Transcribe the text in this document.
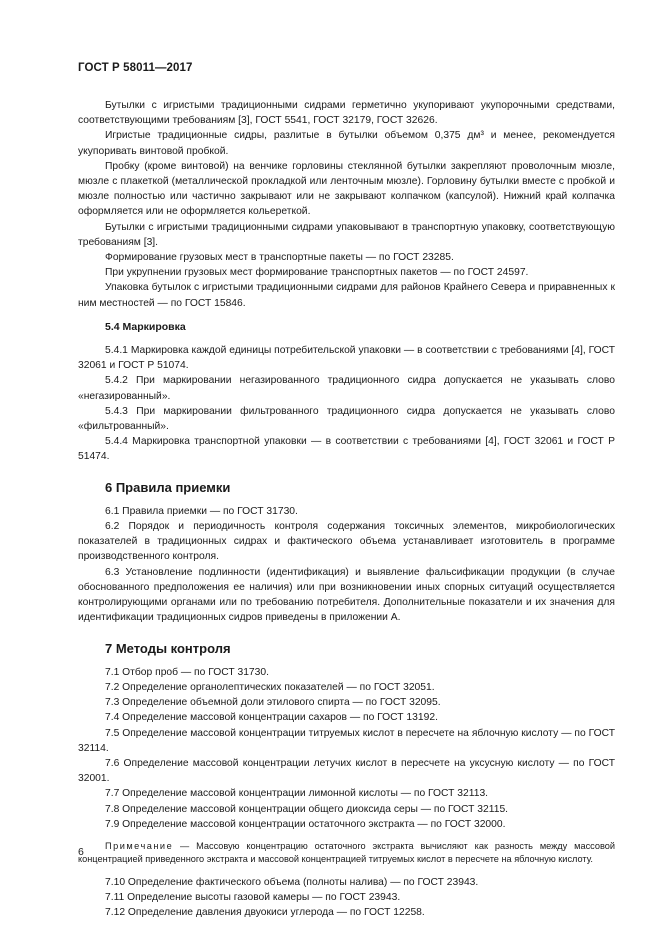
ГОСТ Р 58011—2017

Бутылки с игристыми традиционными сидрами герметично укупоривают укупорочными средствами, соответствующими требованиям [3], ГОСТ 5541, ГОСТ 32179, ГОСТ 32626.

Игристые традиционные сидры, разлитые в бутылки объемом 0,375 дм³ и менее, рекомендуется укупоривать винтовой пробкой.

Пробку (кроме винтовой) на венчике горловины стеклянной бутылки закрепляют проволочным мюзле, мюзле с плакеткой (металлической прокладкой или ленточным мюзле). Горловину бутылки вместе с пробкой и мюзле полностью или частично закрывают или не закрывают колпачком (капсулой). Нижний край колпачка оформляется или не оформляется кольереткой.

Бутылки с игристыми традиционными сидрами упаковывают в транспортную упаковку, соответствующую требованиям [3].

Формирование грузовых мест в транспортные пакеты — по ГОСТ 23285.

При укрупнении грузовых мест формирование транспортных пакетов — по ГОСТ 24597.

Упаковка бутылок с игристыми традиционными сидрами для районов Крайнего Севера и приравненных к ним местностей — по ГОСТ 15846.

5.4 Маркировка

5.4.1 Маркировка каждой единицы потребительской упаковки — в соответствии с требованиями [4], ГОСТ 32061 и ГОСТ Р 51074.

5.4.2 При маркировании негазированного традиционного сидра допускается не указывать слово «негазированный».

5.4.3 При маркировании фильтрованного традиционного сидра допускается не указывать слово «фильтрованный».

5.4.4 Маркировка транспортной упаковки — в соответствии с требованиями [4], ГОСТ 32061 и ГОСТ Р 51474.

6 Правила приемки

6.1 Правила приемки — по ГОСТ 31730.

6.2 Порядок и периодичность контроля содержания токсичных элементов, микробиологических показателей в традиционных сидрах и фактического объема устанавливает изготовитель в программе производственного контроля.

6.3 Установление подлинности (идентификация) и выявление фальсификации продукции (в случае обоснованного предположения ее наличия) или при возникновении иных спорных ситуаций осуществляется контролирующими органами или по требованию потребителя. Дополнительные показатели и их значения для идентификации традиционных сидров приведены в приложении А.

7 Методы контроля

7.1 Отбор проб — по ГОСТ 31730.

7.2 Определение органолептических показателей — по ГОСТ 32051.

7.3 Определение объемной доли этилового спирта — по ГОСТ 32095.

7.4 Определение массовой концентрации сахаров — по ГОСТ 13192.

7.5 Определение массовой концентрации титруемых кислот в пересчете на яблочную кислоту — по ГОСТ 32114.

7.6 Определение массовой концентрации летучих кислот в пересчете на уксусную кислоту — по ГОСТ 32001.

7.7 Определение массовой концентрации лимонной кислоты — по ГОСТ 32113.

7.8 Определение массовой концентрации общего диоксида серы — по ГОСТ 32115.

7.9 Определение массовой концентрации остаточного экстракта — по ГОСТ 32000.

Примечание — Массовую концентрацию остаточного экстракта вычисляют как разность между массовой концентрацией приведенного экстракта и массовой концентрацией титруемых кислот в пересчете на яблочную кислоту.

7.10 Определение фактического объема (полноты налива) — по ГОСТ 23943.

7.11 Определение высоты газовой камеры — по ГОСТ 23943.

7.12 Определение давления двуокиси углерода — по ГОСТ 12258.

6
